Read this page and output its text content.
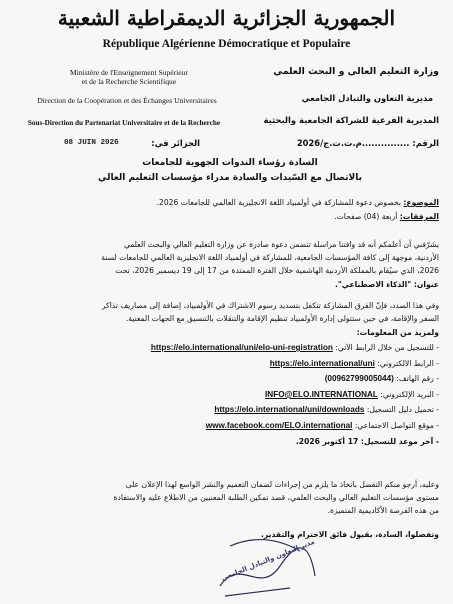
الجمهورية الجزائرية الديمقراطية الشعبية
République Algérienne Démocratique et Populaire
Ministère de l'Enseignement Supérieur
et de la Recherche Scientifique
Direction de la Coopération et des Échanges Universitaires
Sous-Direction du Partenariat Universitaire et de la Recherche
وزارة التعليم العالي و البحث العلمي
مديرية التعاون والتبادل الجامعي
المديرية الفرعية للشراكة الجامعية والبحثية
الرقم: ...............م.ت.ت.ج/2026
الجزائر في:
08 JUIN 2026
السادة رؤساء الندوات الجهوية للجامعات
بالاتصال مع السّيدات والسادة مدراء مؤسسات التعليم العالي
الموضوع: بخصوص دعوة للمشاركة في أولمبياد اللغة الانجليزية العالمي للجامعات 2026.
المرفقات: أربعة (04) صفحات.
يشرّفني أن أعلمكم أنه قد وافتنا مراسلة تتضمن دعوة صادرة عن وزارة التعليم العالي والبحث العلمي
الأردنية، موجهة إلى كافة المؤسسات الجامعية، للمشاركة في أولمبياد اللغة الانجليزية العالمي للجامعات لسنة
2026، الذي سيُقام بالمملكة الأردنية الهاشمية خلال الفترة الممتدة من 17 إلى 19 ديسمبر 2026، تحت
عنوان: "الذكاء الاصطناعي".
وفي هذا الصدد، فإنّ الفرق المشاركة تتكفل بتسديد رسوم الاشتراك في الأولمبياد، إضافة إلى مصاريف تذاكر
السفر والإقامة، في حين ستتولى إدارة الأولمبياد تنظيم الإقامة والتنقلات بالتنسيق مع الجهات المعنية.
ولمزيد من المعلومات:
- للتسجيل من خلال الرابط الآتي: https://elo.international/uni/elo-uni-registration
- الرابط الالكتروني: https://elo.international/uni
- رقم الهاتف: (00962799005044)
- البريد الإلكتروني: INFO@ELO.INTERNATIONAL
- تحميل دليل التسجيل: https://elo.international/uni/downloads
- موقع التواصل الاجتماعي: www.facebook.com/ELO.international
- آخر موعد للتسجيل: 17 أكتوبر 2026.
وعليه، أرجو منكم التفضل باتخاذ ما يلزم من إجراءات لضمان التعميم والنشر الواسع لهذا الإعلان على
مستوى مؤسسات التعليم العالي والبحث العلمي، قصد تمكين الطلبة المعنيين من الاطلاع عليه والاستفادة
من هذه الفرصة الأكاديمية المتميزة.
وتفضلوا، السادة، بقبول فائق الاحترام والتقدير.
مدير التعاون والتبادل الجامعي
